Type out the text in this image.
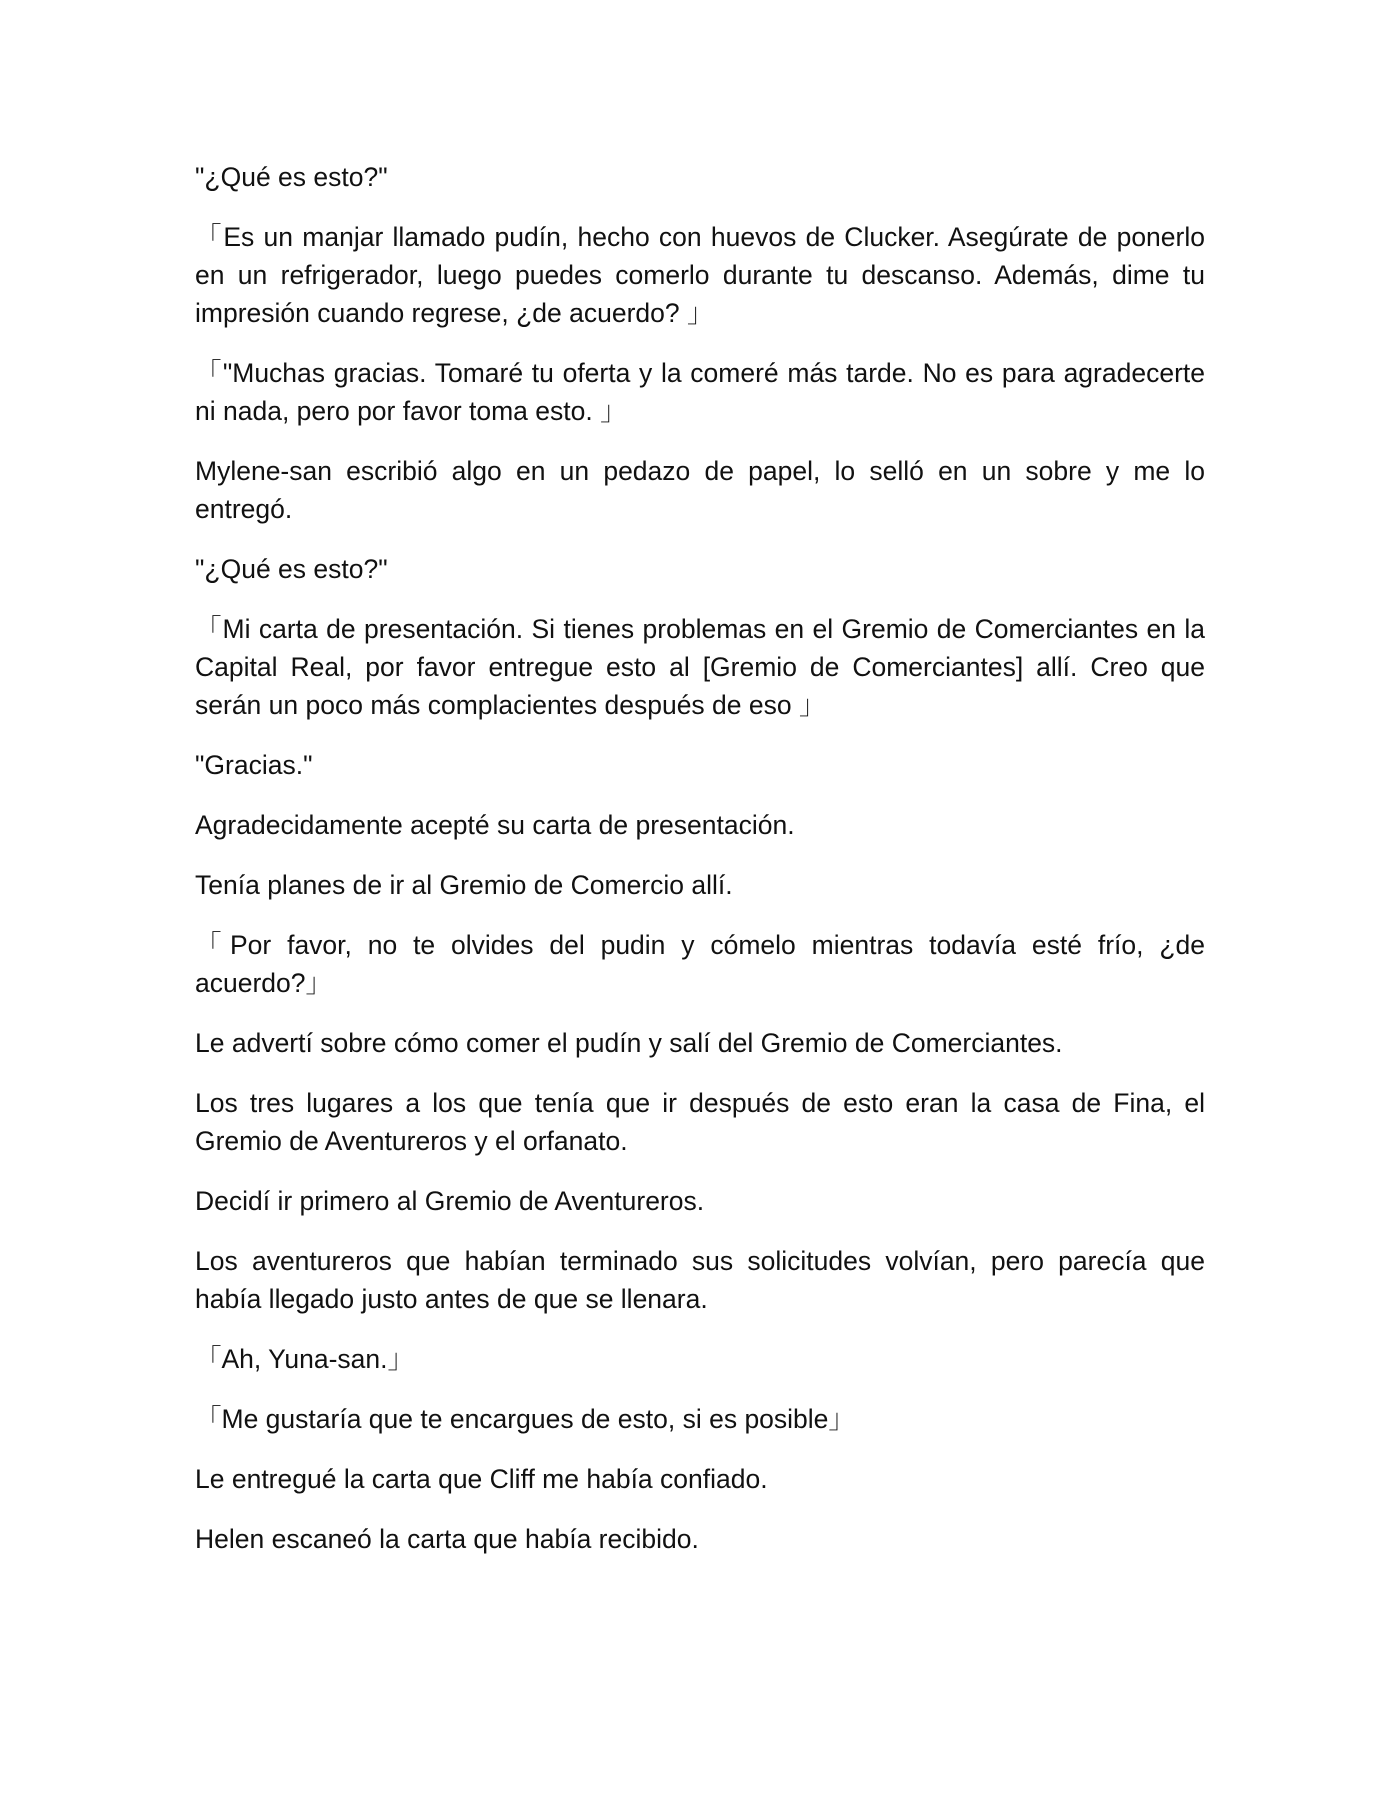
"¿Qué es esto?"

「Es un manjar llamado pudín, hecho con huevos de Clucker. Asegúrate de ponerlo en un refrigerador, luego puedes comerlo durante tu descanso. Además, dime tu impresión cuando regrese, ¿de acuerdo? 」

「"Muchas gracias. Tomaré tu oferta y la comeré más tarde. No es para agradecerte ni nada, pero por favor toma esto. 」

Mylene-san escribió algo en un pedazo de papel, lo selló en un sobre y me lo entregó.

"¿Qué es esto?"

「Mi carta de presentación. Si tienes problemas en el Gremio de Comerciantes en la Capital Real, por favor entregue esto al [Gremio de Comerciantes] allí. Creo que serán un poco más complacientes después de eso 」

"Gracias."

Agradecidamente acepté su carta de presentación.

Tenía planes de ir al Gremio de Comercio allí.

「Por favor, no te olvides del pudin y cómelo mientras todavía esté frío, ¿de acuerdo?」

Le advertí sobre cómo comer el pudín y salí del Gremio de Comerciantes.

Los tres lugares a los que tenía que ir después de esto eran la casa de Fina, el Gremio de Aventureros y el orfanato.

Decidí ir primero al Gremio de Aventureros.

Los aventureros que habían terminado sus solicitudes volvían, pero parecía que había llegado justo antes de que se llenara.

「Ah, Yuna-san.」

「Me gustaría que te encargues de esto, si es posible」

Le entregué la carta que Cliff me había confiado.

Helen escaneó la carta que había recibido.
